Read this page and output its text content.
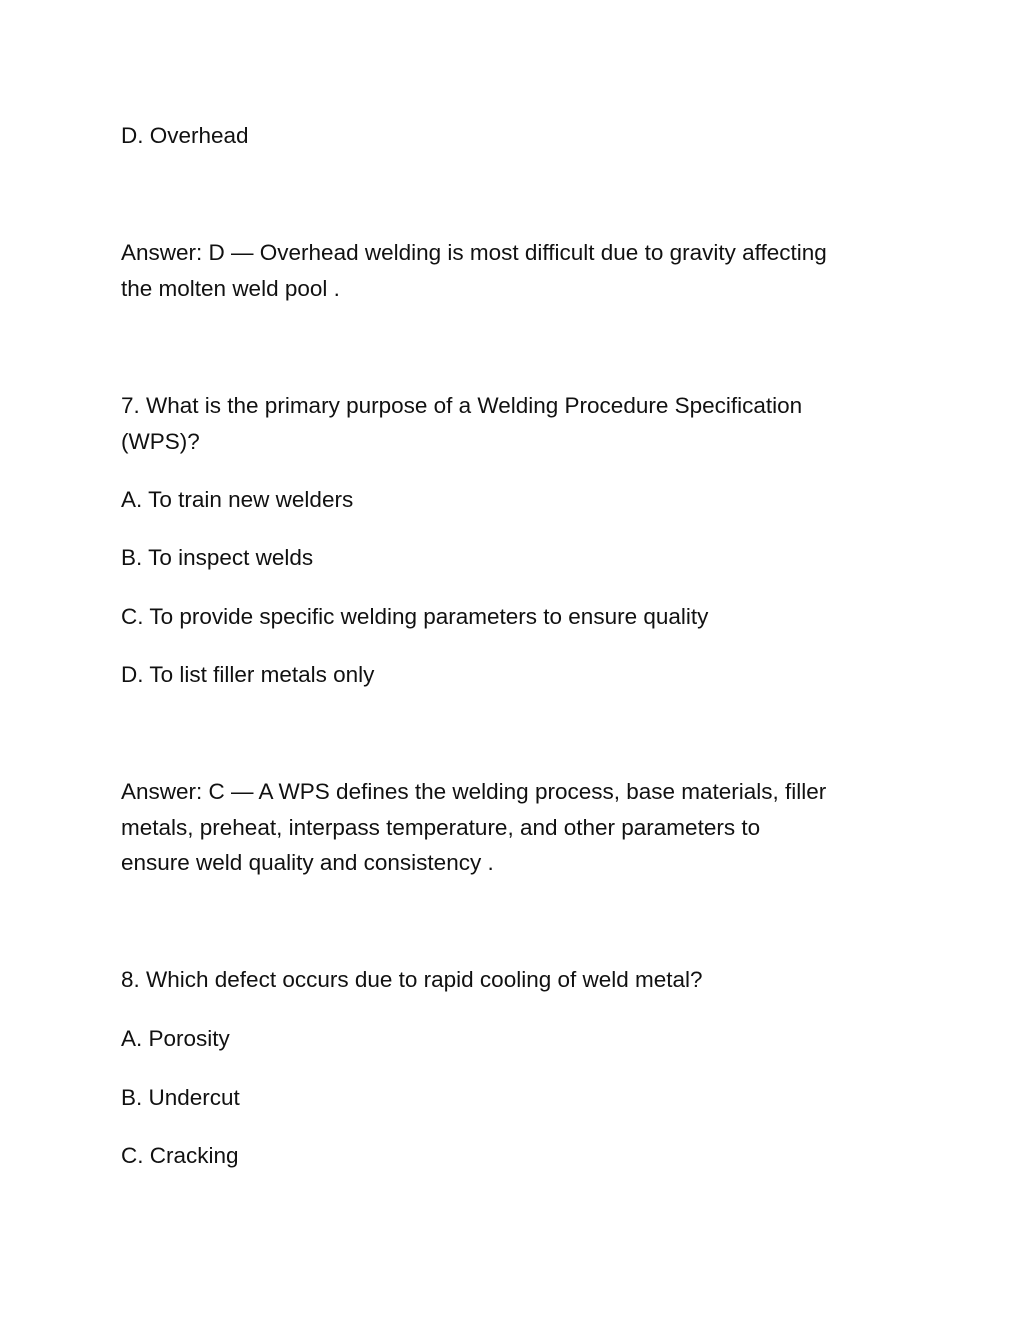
D. Overhead

Answer: D — Overhead welding is most difficult due to gravity affecting

the molten weld pool .

7. What is the primary purpose of a Welding Procedure Specification

(WPS)?

A. To train new welders

B. To inspect welds

C. To provide specific welding parameters to ensure quality

D. To list filler metals only

Answer: C — A WPS defines the welding process, base materials, filler

metals, preheat, interpass temperature, and other parameters to

ensure weld quality and consistency .

8. Which defect occurs due to rapid cooling of weld metal?

A. Porosity

B. Undercut

C. Cracking
